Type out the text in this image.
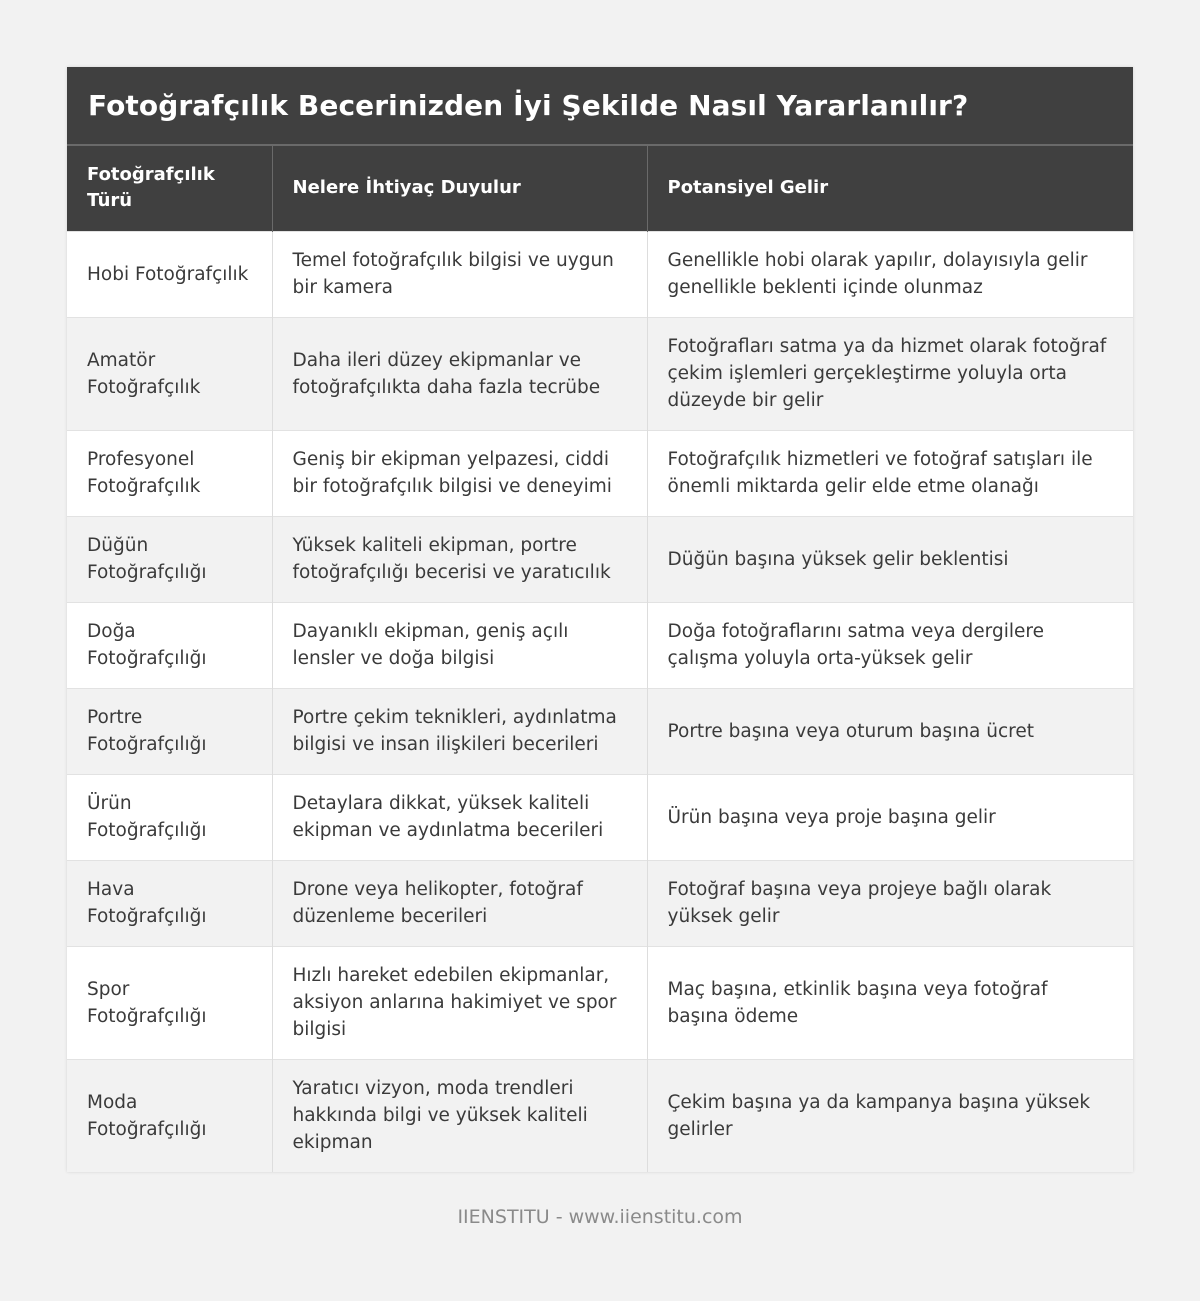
Fotoğrafçılık Becerinizden İyi Şekilde Nasıl Yararlanılır?
Fotoğrafçılık Türü	Nelere İhtiyaç Duyulur	Potansiyel Gelir
Hobi Fotoğrafçılık	Temel fotoğrafçılık bilgisi ve uygun bir kamera	Genellikle hobi olarak yapılır, dolayısıyla gelir genellikle beklenti içinde olunmaz
Amatör Fotoğrafçılık	Daha ileri düzey ekipmanlar ve fotoğrafçılıkta daha fazla tecrübe	Fotoğrafları satma ya da hizmet olarak fotoğraf çekim işlemleri gerçekleştirme yoluyla orta düzeyde bir gelir
Profesyonel Fotoğrafçılık	Geniş bir ekipman yelpazesi, ciddi bir fotoğrafçılık bilgisi ve deneyimi	Fotoğrafçılık hizmetleri ve fotoğraf satışları ile önemli miktarda gelir elde etme olanağı
Düğün Fotoğrafçılığı	Yüksek kaliteli ekipman, portre fotoğrafçılığı becerisi ve yaratıcılık	Düğün başına yüksek gelir beklentisi
Doğa Fotoğrafçılığı	Dayanıklı ekipman, geniş açılı lensler ve doğa bilgisi	Doğa fotoğraflarını satma veya dergilere çalışma yoluyla orta-yüksek gelir
Portre Fotoğrafçılığı	Portre çekim teknikleri, aydınlatma bilgisi ve insan ilişkileri becerileri	Portre başına veya oturum başına ücret
Ürün Fotoğrafçılığı	Detaylara dikkat, yüksek kaliteli ekipman ve aydınlatma becerileri	Ürün başına veya proje başına gelir
Hava Fotoğrafçılığı	Drone veya helikopter, fotoğraf düzenleme becerileri	Fotoğraf başına veya projeye bağlı olarak yüksek gelir
Spor Fotoğrafçılığı	Hızlı hareket edebilen ekipmanlar, aksiyon anlarına hakimiyet ve spor bilgisi	Maç başına, etkinlik başına veya fotoğraf başına ödeme
Moda Fotoğrafçılığı	Yaratıcı vizyon, moda trendleri hakkında bilgi ve yüksek kaliteli ekipman	Çekim başına ya da kampanya başına yüksek gelirler
IIENSTITU - www.iienstitu.com
